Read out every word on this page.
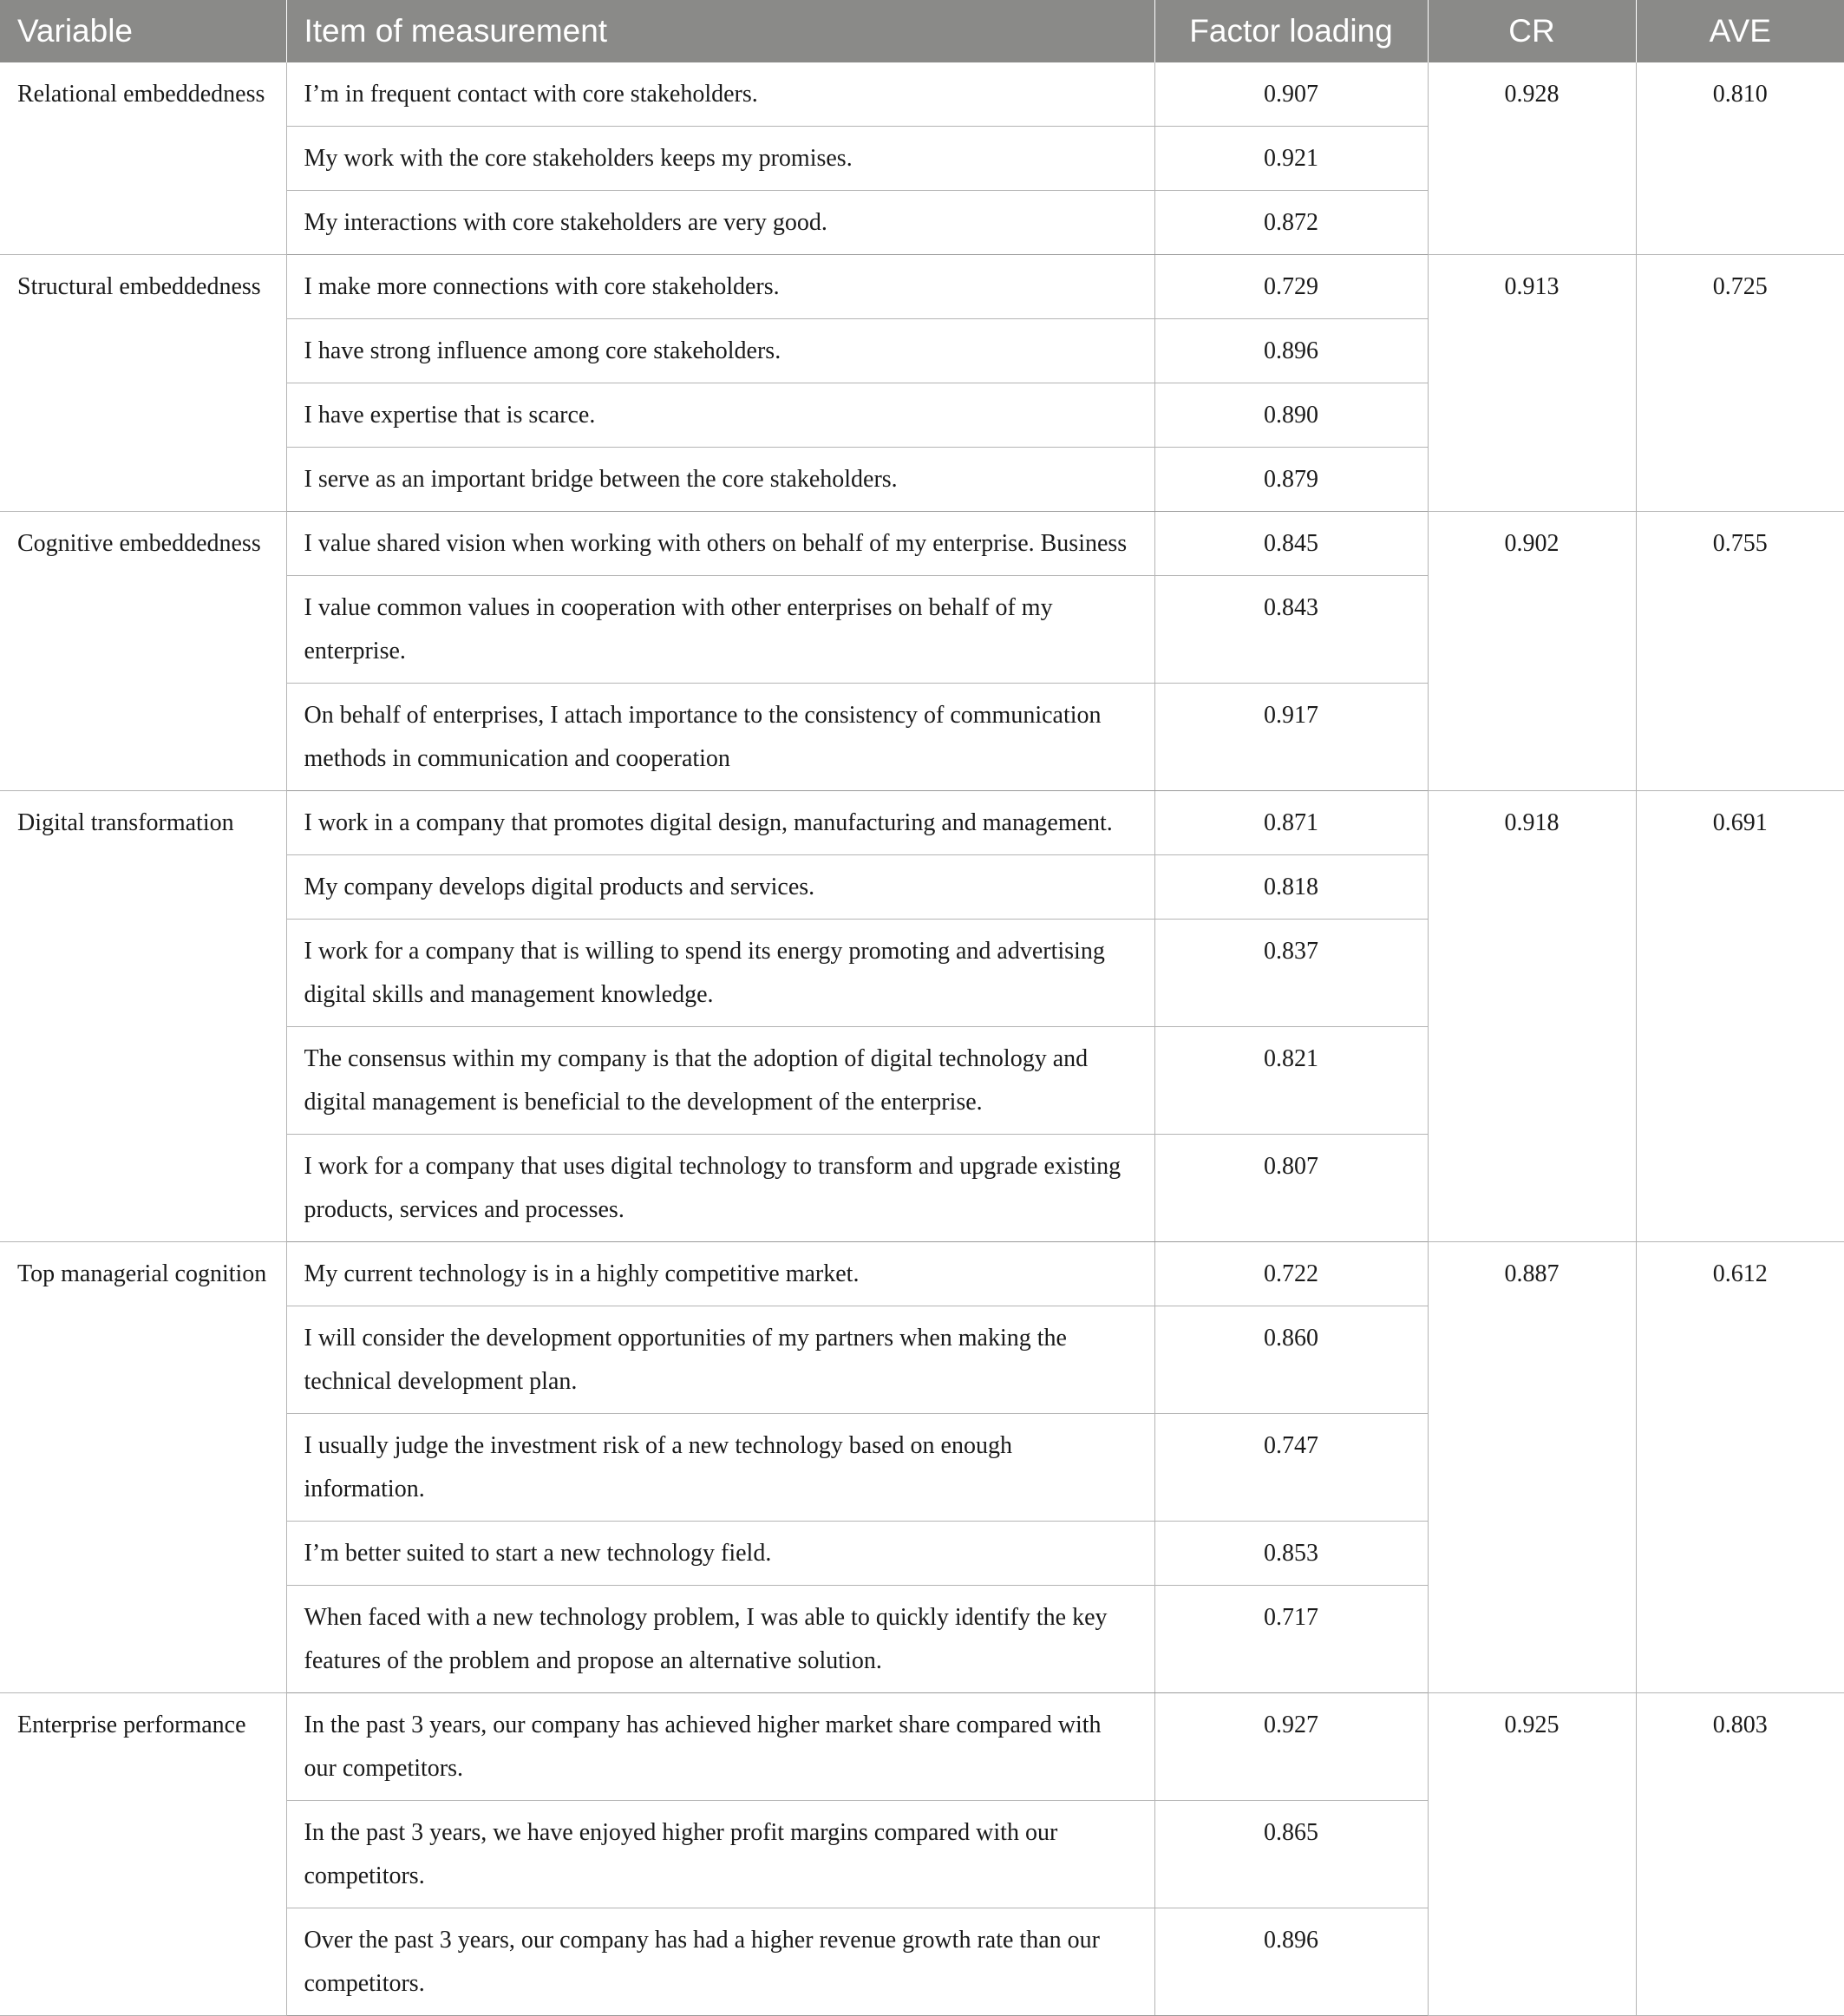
Variable	Item of measurement	Factor loading	CR	AVE
Relational embeddedness	I’m in frequent contact with core stakeholders.	0.907	0.928	0.810
	My work with the core stakeholders keeps my promises.	0.921		
	My interactions with core stakeholders are very good.	0.872		
Structural embeddedness	I make more connections with core stakeholders.	0.729	0.913	0.725
	I have strong influence among core stakeholders.	0.896		
	I have expertise that is scarce.	0.890		
	I serve as an important bridge between the core stakeholders.	0.879		
Cognitive embeddedness	I value shared vision when working with others on behalf of my enterprise. Business	0.845	0.902	0.755
	I value common values in cooperation with other enterprises on behalf of my enterprise.	0.843		
	On behalf of enterprises, I attach importance to the consistency of communication methods in communication and cooperation	0.917		
Digital transformation	I work in a company that promotes digital design, manufacturing and management.	0.871	0.918	0.691
	My company develops digital products and services.	0.818		
	I work for a company that is willing to spend its energy promoting and advertising digital skills and management knowledge.	0.837		
	The consensus within my company is that the adoption of digital technology and digital management is beneficial to the development of the enterprise.	0.821		
	I work for a company that uses digital technology to transform and upgrade existing products, services and processes.	0.807		
Top managerial cognition	My current technology is in a highly competitive market.	0.722	0.887	0.612
	I will consider the development opportunities of my partners when making the technical development plan.	0.860		
	I usually judge the investment risk of a new technology based on enough information.	0.747		
	I’m better suited to start a new technology field.	0.853		
	When faced with a new technology problem, I was able to quickly identify the key features of the problem and propose an alternative solution.	0.717		
Enterprise performance	In the past 3 years, our company has achieved higher market share compared with our competitors.	0.927	0.925	0.803
	In the past 3 years, we have enjoyed higher profit margins compared with our competitors.	0.865		
	Over the past 3 years, our company has had a higher revenue growth rate than our competitors.	0.896		
